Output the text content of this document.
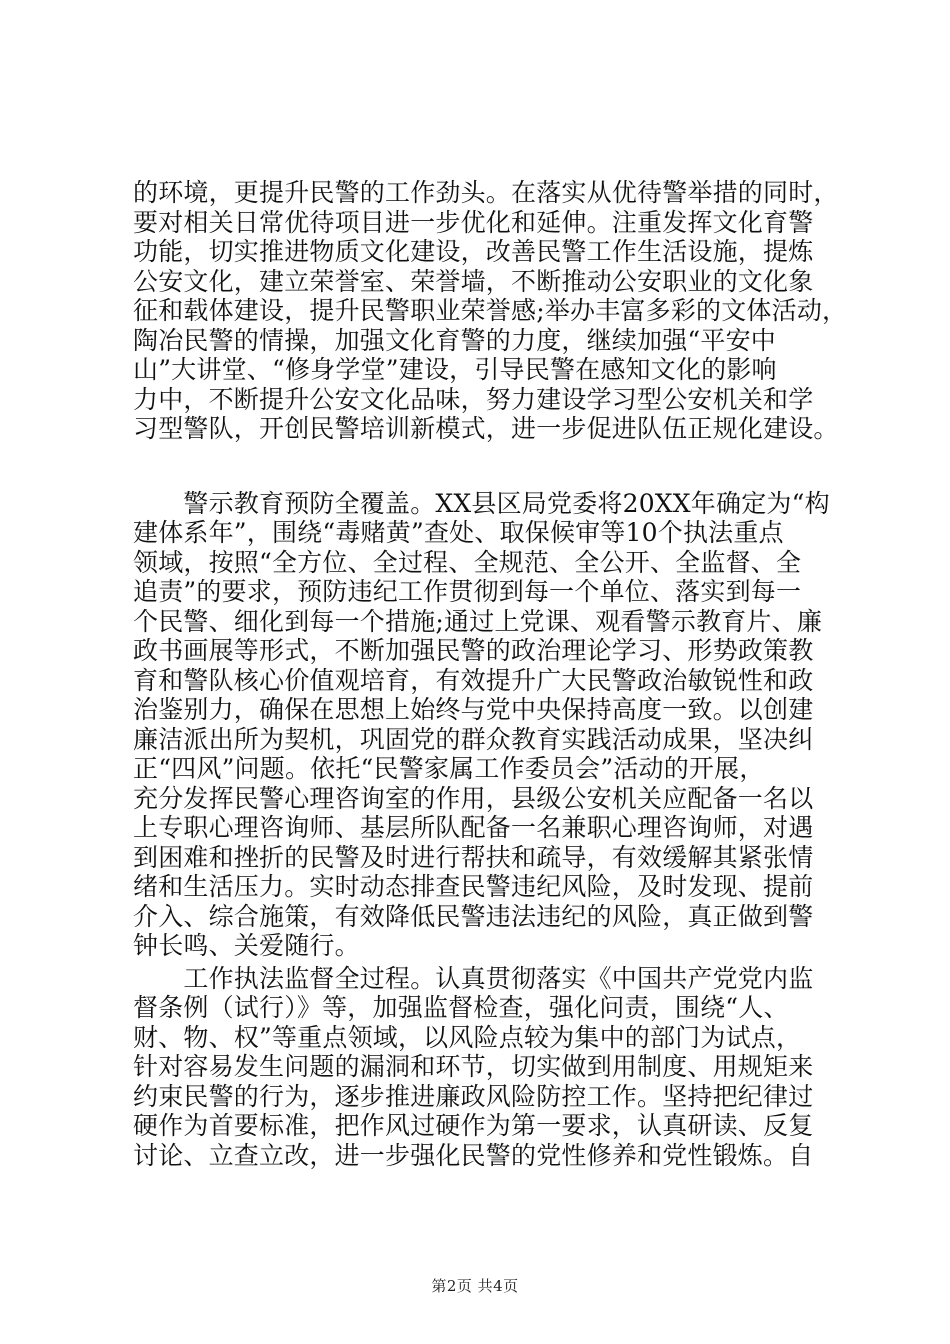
的环境，更提升民警的工作劲头。在落实从优待警举措的同时，
要对相关日常优待项目进一步优化和延伸。注重发挥文化育警
功能，切实推进物质文化建设，改善民警工作生活设施，提炼
公安文化，建立荣誉室、荣誉墙，不断推动公安职业的文化象
征和载体建设，提升民警职业荣誉感;举办丰富多彩的文体活动，
陶冶民警的情操，加强文化育警的力度，继续加强“平安中
山”大讲堂、“修身学堂”建设，引导民警在感知文化的影响
力中，不断提升公安文化品味，努力建设学习型公安机关和学
习型警队，开创民警培训新模式，进一步促进队伍正规化建设。

　　警示教育预防全覆盖。XX县区局党委将20XX年确定为“构
建体系年”，围绕“毒赌黄”查处、取保候审等10个执法重点
领域，按照“全方位、全过程、全规范、全公开、全监督、全
追责”的要求，预防违纪工作贯彻到每一个单位、落实到每一
个民警、细化到每一个措施;通过上党课、观看警示教育片、廉
政书画展等形式，不断加强民警的政治理论学习、形势政策教
育和警队核心价值观培育，有效提升广大民警政治敏锐性和政
治鉴别力，确保在思想上始终与党中央保持高度一致。以创建
廉洁派出所为契机，巩固党的群众教育实践活动成果，坚决纠
正“四风”问题。依托“民警家属工作委员会”活动的开展，
充分发挥民警心理咨询室的作用，县级公安机关应配备一名以
上专职心理咨询师、基层所队配备一名兼职心理咨询师，对遇
到困难和挫折的民警及时进行帮扶和疏导，有效缓解其紧张情
绪和生活压力。实时动态排查民警违纪风险，及时发现、提前
介入、综合施策，有效降低民警违法违纪的风险，真正做到警
钟长鸣、关爱随行。

　　工作执法监督全过程。认真贯彻落实《中国共产党党内监
督条例（试行）》等，加强监督检查，强化问责，围绕“人、
财、物、权”等重点领域，以风险点较为集中的部门为试点，
针对容易发生问题的漏洞和环节，切实做到用制度、用规矩来
约束民警的行为，逐步推进廉政风险防控工作。坚持把纪律过
硬作为首要标准，把作风过硬作为第一要求，认真研读、反复
讨论、立查立改，进一步强化民警的党性修养和党性锻炼。自

第2页 共4页
